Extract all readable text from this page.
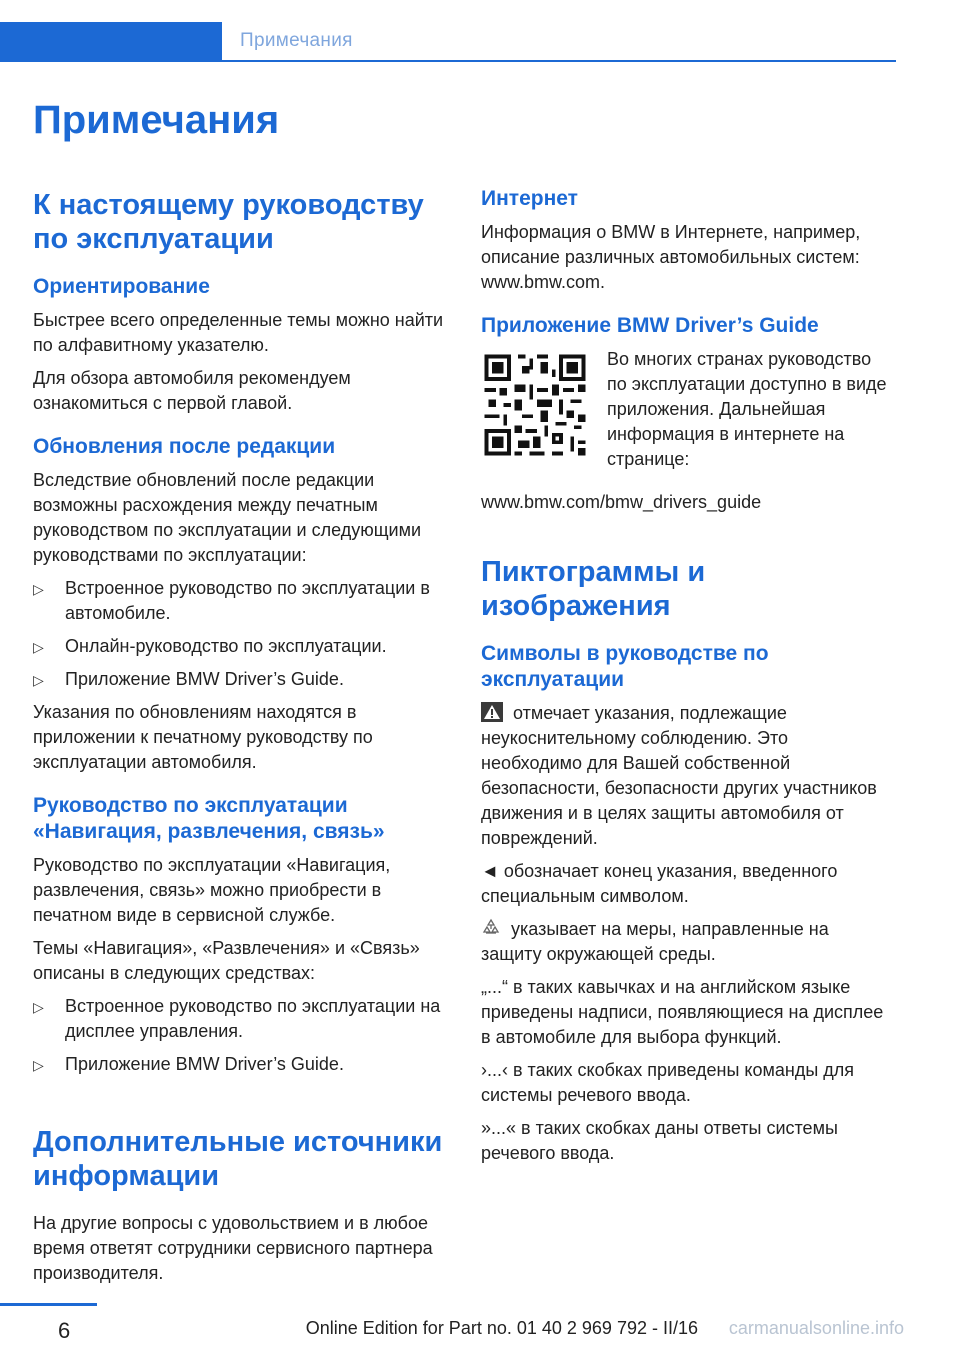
Примечания
Примечания
К настоящему руководству по эксплуатации
Ориентирование

Быстрее всего определенные темы можно найти по алфавитному указателю.

Для обзора автомобиля рекомендуем ознакомиться с первой главой.

Обновления после редакции

Вследствие обновлений после редакции возможны расхождения между печатным руководством по эксплуатации и следующими руководствами по эксплуатации:

▷ Встроенное руководство по эксплуатации в автомобиле.
▷ Онлайн-руководство по эксплуатации.
▷ Приложение BMW Driver’s Guide.

Указания по обновлениям находятся в приложении к печатному руководству по эксплуатации автомобиля.

Руководство по эксплуатации «Навигация, развлечения, связь»

Руководство по эксплуатации «Навигация, развлечения, связь» можно приобрести в печатном виде в сервисной службе.

Темы «Навигация», «Развлечения» и «Связь» описаны в следующих средствах:

▷ Встроенное руководство по эксплуатации на дисплее управления.
▷ Приложение BMW Driver’s Guide.
Дополнительные источники информации

На другие вопросы с удовольствием и в любое время ответят сотрудники сервисного партнера производителя.

Интернет

Информация о BMW в Интернете, например, описание различных автомобильных систем: www.bmw.com.

Приложение BMW Driver’s Guide

Во многих странах руководство по эксплуатации доступно в виде приложения. Дальнейшая информация в интернете на странице:

www.bmw.com/bmw_drivers_guide

Пиктограммы и изображения
Символы в руководстве по эксплуатации

отмечает указания, подлежащие неукоснительному соблюдению. Это необходимо для Вашей собственной безопасности, безопасности других участников движения и в целях защиты автомобиля от повреждений.

◄ обозначает конец указания, введенного специальным символом.

указывает на меры, направленные на защиту окружающей среды.

„...“ в таких кавычках и на английском языке приведены надписи, появляющиеся на дисплее в автомобиле для выбора функций.

›...‹ в таких скобках приведены команды для системы речевого ввода.

»...« в таких скобках даны ответы системы речевого ввода.

6	Online Edition for Part no. 01 40 2 969 792 - II/16 carmanualsonline.info
